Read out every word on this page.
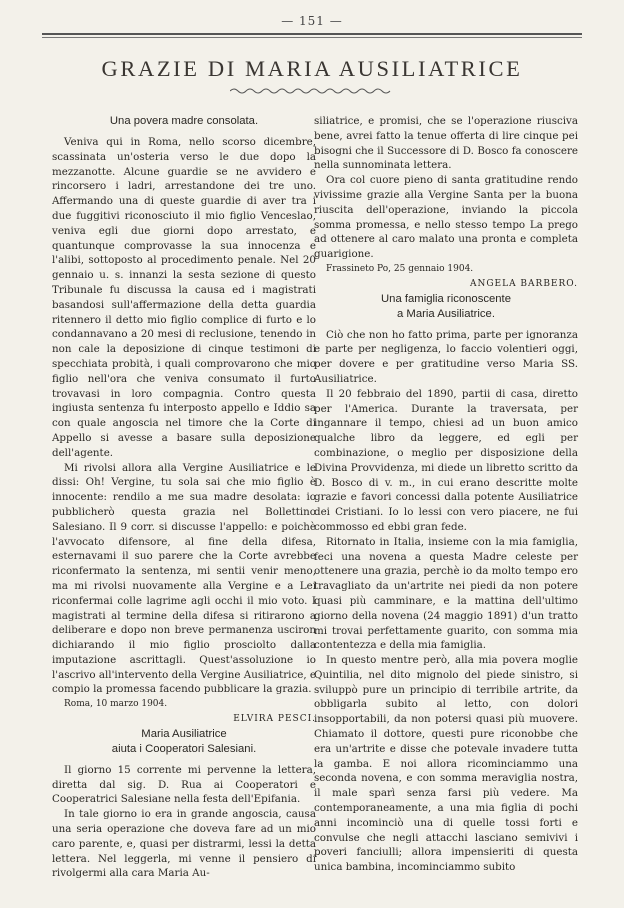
— 151 —
GRAZIE DI MARIA AUSILIATRICE
Una povera madre consolata.

Veniva qui in Roma, nello scorso dicembre, scassinata un'osteria verso le due dopo la mezzanotte. Alcune guardie se ne avvidero e rincorsero i ladri, arrestandone dei tre uno. Affermando una di queste guardie di aver tra i due fuggitivi riconosciuto il mio figlio Venceslao, veniva egli due giorni dopo arrestato, e quantunque comprovasse la sua innocenza e l'alibi, sottoposto al procedimento penale. Nel 20 gennaio u. s. innanzi la sesta sezione di questo Tribunale fu discussa la causa ed i magistrati basandosi sull'affermazione della detta guardia ritennero il detto mio figlio complice di furto e lo condannavano a 20 mesi di reclusione, tenendo in non cale la deposizione di cinque testimoni di specchiata probità, i quali comprovarono che mio figlio nell'ora che veniva consumato il furto trovavasi in loro compagnia. Contro questa ingiusta sentenza fu interposto appello e Iddio sa con quale angoscia nel timore che la Corte di Appello si avesse a basare sulla deposizione dell'agente.

Mi rivolsi allora alla Vergine Ausiliatrice e le dissi: Oh! Vergine, tu sola sai che mio figlio è innocente: rendilo a me sua madre desolata: io pubblicherò questa grazia nel Bollettino Salesiano. Il 9 corr. si discusse l'appello: e poichè l'avvocato difensore, al fine della difesa, esternavami il suo parere che la Corte avrebbe riconfermato la sentenza, mi sentii venir meno, ma mi rivolsi nuovamente alla Vergine e a Lei riconfermai colle lagrime agli occhi il mio voto. I magistrati al termine della difesa si ritirarono a deliberare e dopo non breve permanenza usciron dichiarando il mio figlio prosciolto dalla imputazione ascrittagli. Quest'assoluzione io l'ascrivo all'intervento della Vergine Ausiliatrice, e compio la promessa facendo pubblicare la grazia.

Roma, 10 marzo 1904.

ELVIRA PESCI.

Maria Ausiliatrice
aiuta i Cooperatori Salesiani.

Il giorno 15 corrente mi pervenne la lettera, diretta dal sig. D. Rua ai Cooperatori e Cooperatrici Salesiane nella festa dell'Epifania.

In tale giorno io era in grande angoscia, causa una seria operazione che doveva fare ad un mio caro parente, e, quasi per distrarmi, lessi la detta lettera. Nel leggerla, mi venne il pensiero di rivolgermi alla cara Maria Au-

siliatrice, e promisi, che se l'operazione riusciva bene, avrei fatto la tenue offerta di lire cinque pei bisogni che il Successore di D. Bosco fa conoscere nella sunnominata lettera.

Ora col cuore pieno di santa gratitudine rendo vivissime grazie alla Vergine Santa per la buona riuscita dell'operazione, inviando la piccola somma promessa, e nello stesso tempo La prego ad ottenere al caro malato una pronta e completa guarigione.

Frassineto Po, 25 gennaio 1904.

ANGELA BARBERO.

Una famiglia riconoscente
a Maria Ausiliatrice.

Ciò che non ho fatto prima, parte per ignoranza e parte per negligenza, lo faccio volentieri oggi, per dovere e per gratitudine verso Maria SS. Ausiliatrice.

Il 20 febbraio del 1890, partii di casa, diretto per l'America. Durante la traversata, per ingannare il tempo, chiesi ad un buon amico qualche libro da leggere, ed egli per combinazione, o meglio per disposizione della Divina Provvidenza, mi diede un libretto scritto da D. Bosco di v. m., in cui erano descritte molte grazie e favori concessi dalla potente Ausiliatrice dei Cristiani. Io lo lessi con vero piacere, ne fui commosso ed ebbi gran fede.

Ritornato in Italia, insieme con la mia famiglia, feci una novena a questa Madre celeste per ottenere una grazia, perchè io da molto tempo ero travagliato da un'artrite nei piedi da non potere quasi più camminare, e la mattina dell'ultimo giorno della novena (24 maggio 1891) d'un tratto mi trovai perfettamente guarito, con somma mia contentezza e della mia famiglia.

In questo mentre però, alla mia povera moglie Quintilia, nel dito mignolo del piede sinistro, si sviluppò pure un principio di terribile artrite, da obbligarla subito al letto, con dolori insopportabili, da non potersi quasi più muovere. Chiamato il dottore, questi pure riconobbe che era un'artrite e disse che potevale invadere tutta la gamba. E noi allora ricominciammo una seconda novena, e con somma meraviglia nostra, il male sparì senza farsi più vedere. Ma contemporaneamente, a una mia figlia di pochi anni incominciò una di quelle tossi forti e convulse che negli attacchi lasciano semivivi i poveri fanciulli; allora impensieriti di questa unica bambina, incominciammo subito
